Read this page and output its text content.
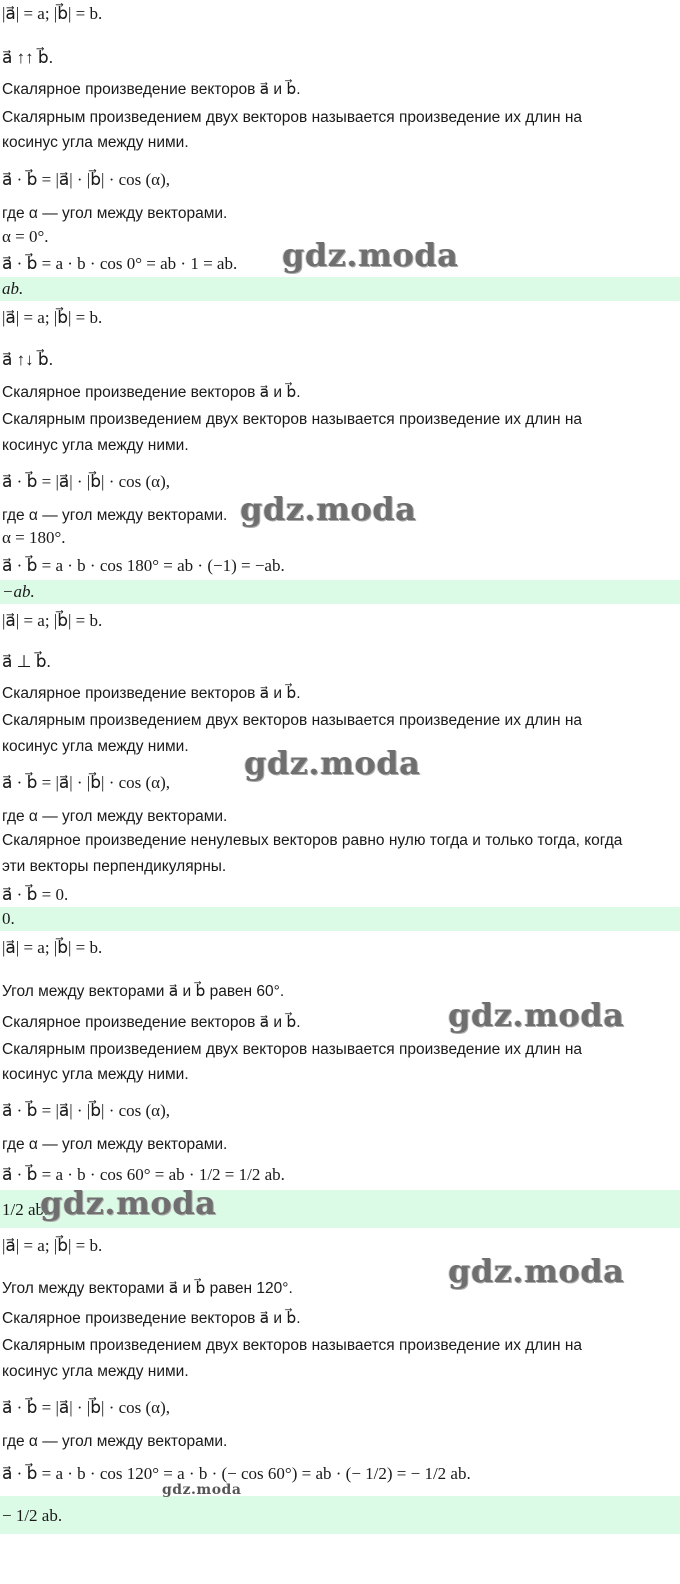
|a⃗| = a; |b⃗| = b.
a⃗ ↑↑ b⃗.
Скалярное произведение векторов a⃗ и b⃗.
Скалярным произведением двух векторов называется произведение их длин на
косинус угла между ними.
a⃗ · b⃗ = |a⃗| · |b⃗| · cos (α),
где α — угол между векторами.
α = 0°.
a⃗ · b⃗ = a · b · cos 0° = ab · 1 = ab.
ab.
gdz.moda
|a⃗| = a; |b⃗| = b.
a⃗ ↑↓ b⃗.
Скалярное произведение векторов a⃗ и b⃗.
Скалярным произведением двух векторов называется произведение их длин на
косинус угла между ними.
a⃗ · b⃗ = |a⃗| · |b⃗| · cos (α),
где α — угол между векторами.
α = 180°.
a⃗ · b⃗ = a · b · cos 180° = ab · (−1) = −ab.
−ab.
gdz.moda
|a⃗| = a; |b⃗| = b.
a⃗ ⊥ b⃗.
Скалярное произведение векторов a⃗ и b⃗.
Скалярным произведением двух векторов называется произведение их длин на
косинус угла между ними.
a⃗ · b⃗ = |a⃗| · |b⃗| · cos (α),
где α — угол между векторами.
Скалярное произведение ненулевых векторов равно нулю тогда и только тогда, когда
эти векторы перпендикулярны.
a⃗ · b⃗ = 0.
0.
gdz.moda
|a⃗| = a; |b⃗| = b.
Угол между векторами a⃗ и b⃗ равен 60°.
Скалярное произведение векторов a⃗ и b⃗.
Скалярным произведением двух векторов называется произведение их длин на
косинус угла между ними.
a⃗ · b⃗ = |a⃗| · |b⃗| · cos (α),
где α — угол между векторами.
a⃗ · b⃗ = a · b · cos 60° = ab · 1/2 = 1/2 ab.
1/2 ab.
gdz.moda
gdz.moda
|a⃗| = a; |b⃗| = b.
Угол между векторами a⃗ и b⃗ равен 120°.
Скалярное произведение векторов a⃗ и b⃗.
Скалярным произведением двух векторов называется произведение их длин на
косинус угла между ними.
a⃗ · b⃗ = |a⃗| · |b⃗| · cos (α),
где α — угол между векторами.
a⃗ · b⃗ = a · b · cos 120° = a · b · (− cos 60°) = ab · (− 1/2) = − 1/2 ab.
− 1/2 ab.
gdz.moda
gdz.moda
